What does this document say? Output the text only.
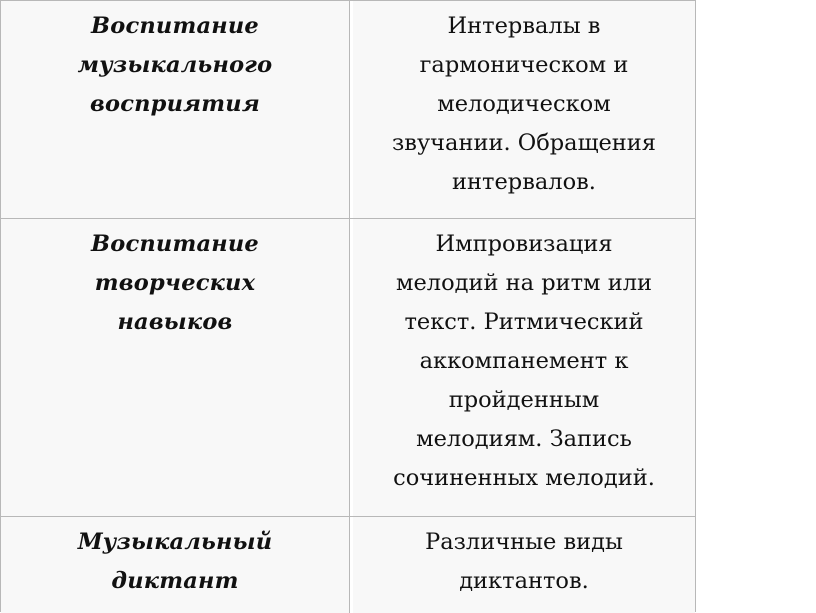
Воспитание
музыкального
восприятия
Интервалы в
гармоническом и
мелодическом
звучании. Обращения
интервалов.
Воспитание
творческих
навыков
Импровизация
мелодий на ритм или
текст. Ритмический
аккомпанемент к
пройденным
мелодиям. Запись
сочиненных мелодий.
Музыкальный
диктант
Различные виды
диктантов.
